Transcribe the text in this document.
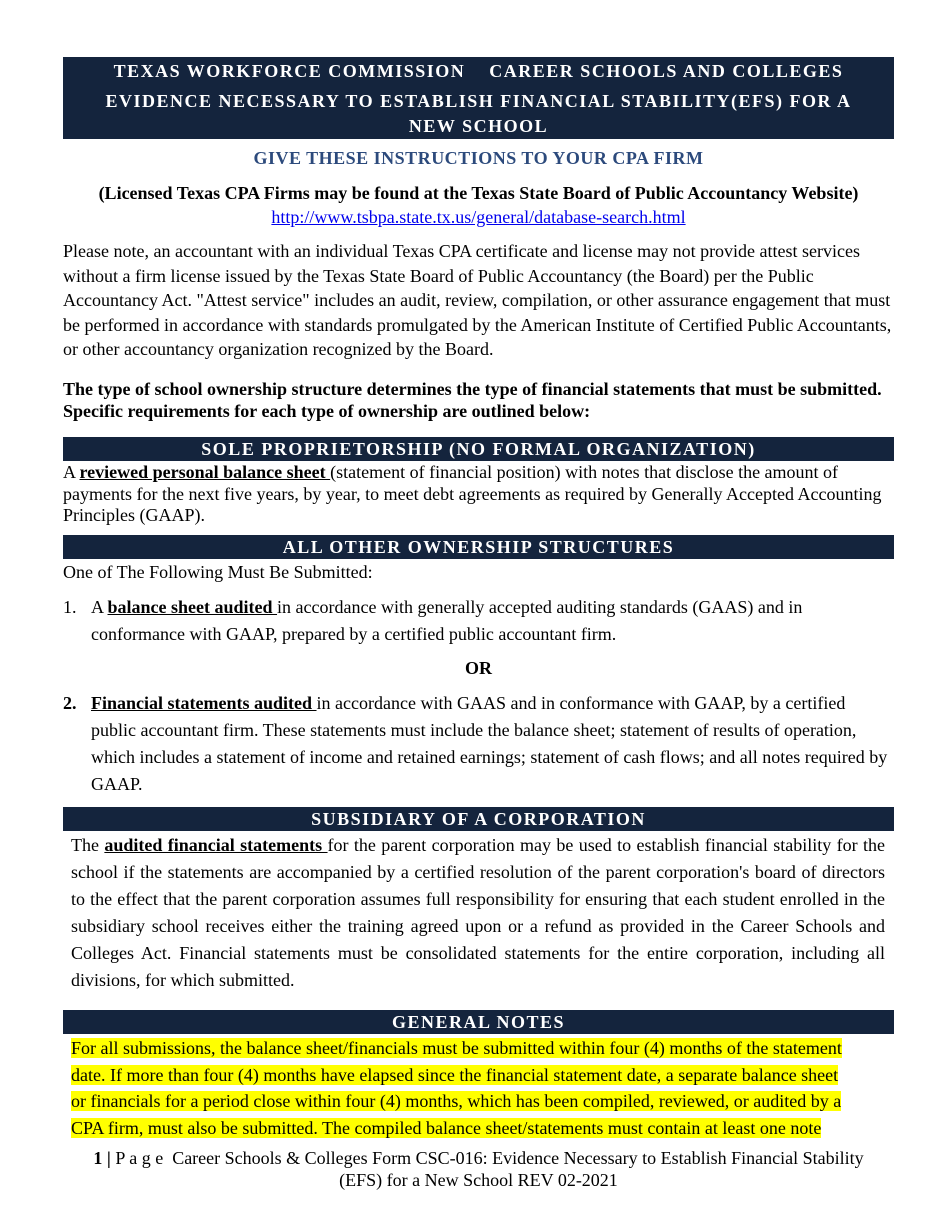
TEXAS WORKFORCE COMMISSION    CAREER SCHOOLS AND COLLEGES
EVIDENCE NECESSARY TO ESTABLISH FINANCIAL STABILITY(EFS) FOR A NEW SCHOOL
GIVE THESE INSTRUCTIONS TO YOUR CPA FIRM
(Licensed Texas CPA Firms may be found at the Texas State Board of Public Accountancy Website)
http://www.tsbpa.state.tx.us/general/database-search.html
Please note, an accountant with an individual Texas CPA certificate and license may not provide attest services without a firm license issued by the Texas State Board of Public Accountancy (the Board) per the Public Accountancy Act. "Attest service" includes an audit, review, compilation, or other assurance engagement that must be performed in accordance with standards promulgated by the American Institute of Certified Public Accountants, or other accountancy organization recognized by the Board.
The type of school ownership structure determines the type of financial statements that must be submitted. Specific requirements for each type of ownership are outlined below:
SOLE PROPRIETORSHIP (NO FORMAL ORGANIZATION)
A reviewed personal balance sheet (statement of financial position) with notes that disclose the amount of payments for the next five years, by year, to meet debt agreements as required by Generally Accepted Accounting Principles (GAAP).
ALL OTHER OWNERSHIP STRUCTURES
One of The Following Must Be Submitted:
1. A balance sheet audited in accordance with generally accepted auditing standards (GAAS) and in conformance with GAAP, prepared by a certified public accountant firm.
OR
2. Financial statements audited in accordance with GAAS and in conformance with GAAP, by a certified public accountant firm. These statements must include the balance sheet; statement of results of operation, which includes a statement of income and retained earnings; statement of cash flows; and all notes required by GAAP.
SUBSIDIARY OF A CORPORATION
The audited financial statements for the parent corporation may be used to establish financial stability for the school if the statements are accompanied by a certified resolution of the parent corporation's board of directors to the effect that the parent corporation assumes full responsibility for ensuring that each student enrolled in the subsidiary school receives either the training agreed upon or a refund as provided in the Career Schools and Colleges Act. Financial statements must be consolidated statements for the entire corporation, including all divisions, for which submitted.
GENERAL NOTES
For all submissions, the balance sheet/financials must be submitted within four (4) months of the statement
date. If more than four (4) months have elapsed since the financial statement date, a separate balance sheet
or financials for a period close within four (4) months, which has been compiled, reviewed, or audited by a
CPA firm, must also be submitted. The compiled balance sheet/statements must contain at least one note
1 | P a g e  Career Schools & Colleges Form CSC-016: Evidence Necessary to Establish Financial Stability
(EFS) for a New School REV 02-2021
